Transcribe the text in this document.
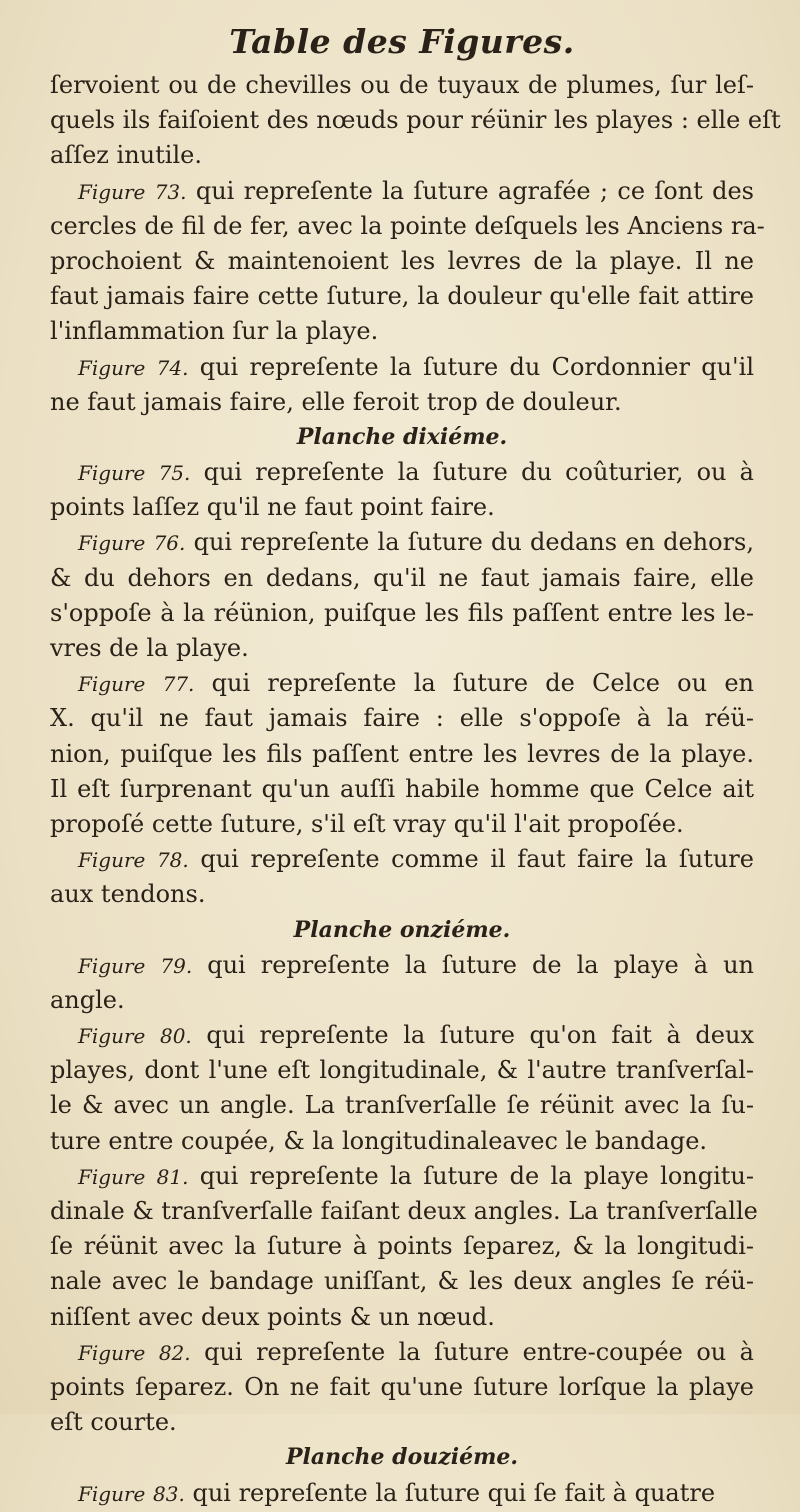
Table des Figures.
ſervoient ou de chevilles ou de tuyaux de plumes, ſur leſ-
quels ils faiſoient des nœuds pour réünir les playes : elle eſt
aſſez inutile.
Figure 73. qui repreſente la ſuture agrafée ; ce ſont des
cercles de fil de fer, avec la pointe deſquels les Anciens ra-
prochoient & maintenoient les levres de la playe. Il ne
faut jamais faire cette ſuture, la douleur qu'elle fait attire
l'inflammation ſur la playe.
Figure 74. qui repreſente la ſuture du Cordonnier qu'il
ne faut jamais faire, elle feroit trop de douleur.
Planche dixiéme.
Figure 75. qui repreſente la ſuture du coûturier, ou à
points laſſez qu'il ne faut point faire.
Figure 76. qui repreſente la ſuture du dedans en dehors,
& du dehors en dedans, qu'il ne faut jamais faire, elle
s'oppoſe à la réünion, puiſque les fils paſſent entre les le-
vres de la playe.
Figure 77. qui repreſente la ſuture de Celce ou en
X. qu'il ne faut jamais faire : elle s'oppoſe à la réü-
nion, puiſque les fils paſſent entre les levres de la playe.
Il eſt ſurprenant qu'un auſſi habile homme que Celce ait
propoſé cette ſuture, s'il eſt vray qu'il l'ait propoſée.
Figure 78. qui repreſente comme il faut faire la ſuture
aux tendons.
Planche onziéme.
Figure 79. qui repreſente la ſuture de la playe à un
angle.
Figure 80. qui repreſente la ſuture qu'on fait à deux
playes, dont l'une eſt longitudinale, & l'autre tranſverſal-
le & avec un angle. La tranſverſalle ſe réünit avec la ſu-
ture entre coupée, & la longitudinaleavec le bandage.
Figure 81. qui repreſente la ſuture de la playe longitu-
dinale & tranſverſalle faiſant deux angles. La tranſverſalle
ſe réünit avec la ſuture à points ſeparez, & la longitudi-
nale avec le bandage uniſſant, & les deux angles ſe réü-
niſſent avec deux points & un nœud.
Figure 82. qui repreſente la ſuture entre-coupée ou à
points ſeparez. On ne fait qu'une ſuture lorſque la playe
eſt courte.
Planche douziéme.
Figure 83. qui repreſente la ſuture qui ſe fait à quatre
